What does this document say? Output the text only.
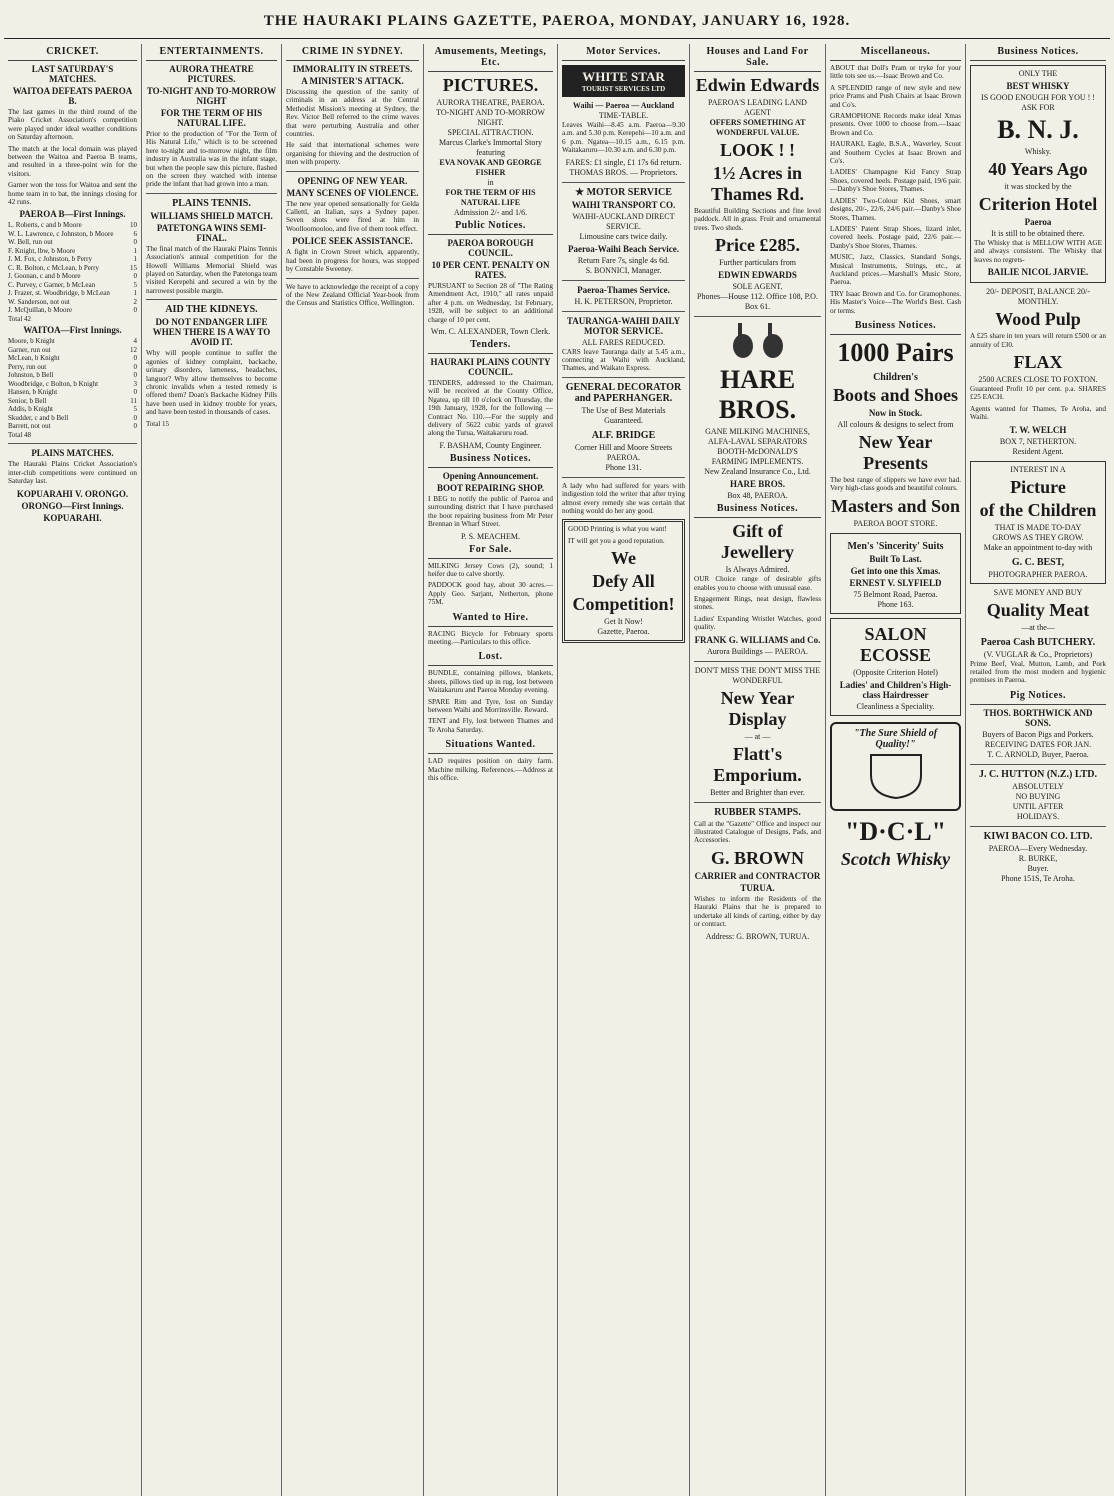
THE HAURAKI PLAINS GAZETTE, PAEROA, MONDAY, JANUARY 16, 1928.
CRICKET.
LAST SATURDAY'S MATCHES.
WAITOA DEFEATS PAEROA B.

The last games in the third round of the Piako Cricket Association's competition were played under ideal weather conditions on Saturday afternoon.

The match at the local domain was played between the Waitoa and Paeroa B teams, and resulted in a three-point win for the visitors.

Garner won the toss for Waitoa and sent the home team in to bat, the innings closing for 42 runs.

PAEROA B—First Innings.
L. Roberts, c and b Moore	10
W. L. Lawrence, c Johnston, b Moore	6
W. Bell, run out	0
F. Knight, lbw, b Moore	1
J. M. Fox, c Johnston, b Perry	1
C. R. Bolton, c McLean, b Perry	15
J. Goonan, c and b Moore	0
C. Purvey, c Garner, b McLean	5
J. Frazer, st. Woodbridge, b McLean	1
W. Sanderson, not out	2
J. McQuillan, b Moore	0
Total 42
WAITOA—First Innings.
Moore, b Knight	4
Garner, run out	12
McLean, b Knight	0
Perry, run out	0
Johnston, b Bell	0
Woodbridge, c Bolton, b Knight	3
Hansen, b Knight	0
Senior, b Bell	11
Addis, b Knight	5
Skudder, c and b Bell	0
Barrett, not out	0
Total 48
PLAINS MATCHES.

The Hauraki Plains Cricket Association's inter-club competitions were continued on Saturday last.

KOPUARAHI V. ORONGO.
ORONGO—First Innings.
KOPUARAHI.
ENTERTAINMENTS.
AURORA THEATRE PICTURES.
TO-NIGHT AND TO-MORROW NIGHT
FOR THE TERM OF HIS NATURAL LIFE.

Prior to the production of "For the Term of His Natural Life," which is to be screened here to-night and to-morrow night, the film industry in Australia was in the infant stage, but when the people saw this picture, flashed on the screen they watched with intense pride the infant that had grown into a man.

PLAINS TENNIS.
WILLIAMS SHIELD MATCH.
PATETONGA WINS SEMI-FINAL.

The final match of the Hauraki Plains Tennis Association's annual competition for the Howell Williams Memorial Shield was played on Saturday, when the Patetonga team visited Kerepehi and secured a win by the narrowest possible margin.

AID THE KIDNEYS.
DO NOT ENDANGER LIFE WHEN THERE IS A WAY TO AVOID IT.

Why will people continue to suffer the agonies of kidney complaint, backache, urinary disorders, lameness, headaches, languor? Why allow themselves to become chronic invalids when a tested remedy is offered them? Doan's Backache Kidney Pills have been used in kidney trouble for years, and have been tested in thousands of cases.

Total 15
CRIME IN SYDNEY.
IMMORALITY IN STREETS.
A MINISTER'S ATTACK.

Discussing the question of the sanity of criminals in an address at the Central Methodist Mission's meeting at Sydney, the Rev. Victor Bell referred to the crime waves that were perturbing Australia and other countries.

He said that international schemes were organising for thieving and the destruction of men with property.

OPENING OF NEW YEAR.
MANY SCENES OF VIOLENCE.

The new year opened sensationally for Gelda Callettl, an Italian, says a Sydney paper. Seven shots were fired at him in Woolloomooloo, and five of them took effect.

POLICE SEEK ASSISTANCE.

A fight in Crown Street which, apparently, had been in progress for hours, was stopped by Constable Sweeney.

We have to acknowledge the receipt of a copy of the New Zealand Official Year-book from the Census and Statistics Office, Wellington.

Amusements, Meetings, Etc.
PICTURES.
AURORA THEATRE, PAEROA.
TO-NIGHT AND TO-MORROW NIGHT.
SPECIAL ATTRACTION.
Marcus Clarke's Immortal Story featuring
EVA NOVAK AND GEORGE FISHER
in
FOR THE TERM OF HIS NATURAL LIFE
Admission 2/- and 1/6.
Public Notices.
PAEROA BOROUGH COUNCIL.
10 PER CENT. PENALTY ON RATES.

PURSUANT to Section 28 of "The Rating Amendment Act, 1910," all rates unpaid after 4 p.m. on Wednesday, 1st February, 1928, will be subject to an additional charge of 10 per cent.

Wm. C. ALEXANDER, Town Clerk.
Tenders.
HAURAKI PLAINS COUNTY COUNCIL.

TENDERS, addressed to the Chairman, will be received at the County Office, Ngatea, up till 10 o'clock on Thursday, the 19th January, 1928, for the following — Contract No. 110.—For the supply and delivery of 5622 cubic yards of gravel along the Turua, Waitakaruru road.

F. BASHAM, County Engineer.
Business Notices.
Opening Announcement.
BOOT REPAIRING SHOP.

I BEG to notify the public of Paeroa and surrounding district that I have purchased the boot repairing business from Mr Peter Brennan in Wharf Street.

P. S. MEACHEM.
For Sale.

MILKING Jersey Cows (2), sound; 1 heifer due to calve shortly.

PADDOCK good hay, about 30 acres.—Apply Geo. Sarjant, Netherton, phone 75M.

Wanted to Hire.

RACING Bicycle for February sports meeting.—Particulars to this office.

Lost.

BUNDLE, containing pillows, blankets, sheets, pillows tied up in rug, lost between Waitakaruru and Paeroa Monday evening.

SPARE Rim and Tyre, lost on Sunday between Waihi and Morrinsville. Reward.

TENT and Fly, lost between Thames and Te Aroha Saturday.

Situations Wanted.

LAD requires position on dairy farm. Machine milking. References.—Address at this office.

Motor Services.
WHITE STAR
TOURIST SERVICES LTD
Waihi — Paeroa — Auckland
TIME-TABLE.

Leaves Waihi—8.45 a.m. Paeroa—9.30 a.m. and 5.30 p.m. Kerepehi—10 a.m. and 6 p.m. Ngatea—10.15 a.m., 6.15 p.m. Waitakaruru—10.30 a.m. and 6.30 p.m.

FARES: £1 single, £1 17s 6d return.
THOMAS BROS. — Proprietors.
★ MOTOR SERVICE
WAIHI TRANSPORT CO.
WAIHI-AUCKLAND DIRECT SERVICE.
Limousine cars twice daily.
Paeroa-Waihi Beach Service.
Return Fare 7s, single 4s 6d.
S. BONNICI, Manager.
Paeroa-Thames Service.
H. K. PETERSON, Proprietor.
TAURANGA-WAIHI DAILY MOTOR SERVICE.
ALL FARES REDUCED.

CARS leave Tauranga daily at 5.45 a.m., connecting at Waihi with Auckland, Thames, and Waikato Express.

GENERAL DECORATOR and PAPERHANGER.
The Use of Best Materials Guaranteed.
ALF. BRIDGE
Corner Hill and Moore Streets PAEROA.
Phone 131.

A lady who had suffered for years with indigestion told the writer that after trying almost every remedy she was certain that nothing would do her any good.

GOOD Printing is what you want!

IT will get you a good reputation.

We
Defy All
Competition!
Get It Now!
Gazette, Paeroa.
Houses and Land For Sale.
Edwin Edwards
PAEROA'S LEADING LAND AGENT
OFFERS SOMETHING AT WONDERFUL VALUE.
LOOK ! !
1½ Acres in Thames Rd.

Beautiful Building Sections and fine level paddock. All in grass. Fruit and ornamental trees. Two sheds.

Price £285.
Further particulars from
EDWIN EDWARDS
SOLE AGENT.
Phones—House 112. Office 108, P.O. Box 61.
HARE BROS.
GANE MILKING MACHINES,
ALFA-LAVAL SEPARATORS
BOOTH-McDONALD'S
FARMING IMPLEMENTS.
New Zealand Insurance Co., Ltd.
HARE BROS.
Box 48, PAEROA.
Business Notices.
Gift of Jewellery
Is Always Admired.

OUR Choice range of desirable gifts enables you to choose with unusual ease.

Engagement Rings, neat design, flawless stones.

Ladies' Expanding Wristlet Watches, good quality.

FRANK G. WILLIAMS and Co.
Aurora Buildings — PAEROA.
DON'T MISS THE DON'T MISS THE WONDERFUL
New Year Display
— at —
Flatt's Emporium.
Better and Brighter than ever.
RUBBER STAMPS.

Call at the "Gazette" Office and inspect our illustrated Catalogue of Designs, Pads, and Accessories.

G. BROWN
CARRIER and CONTRACTOR
TURUA.

Wishes to inform the Residents of the Hauraki Plains that he is prepared to undertake all kinds of carting, either by day or contract.

Address: G. BROWN, TURUA.
Miscellaneous.

ABOUT that Doll's Pram or tryke for your little tots see us.—Isaac Brown and Co.

A SPLENDID range of new style and new price Prams and Push Chairs at Isaac Brown and Co's.

GRAMOPHONE Records make ideal Xmas presents. Over 1000 to choose from.—Isaac Brown and Co.

HAURAKI, Eagle, B.S.A., Waverley, Scout and Southern Cycles at Isaac Brown and Co's.

LADIES' Champagne Kid Fancy Strap Shoes, covered heels. Postage paid, 19/6 pair.—Danby's Shoe Stores, Thames.

LADIES' Two-Colour Kid Shoes, smart designs, 20/-, 22/6, 24/6 pair.—Danby's Shoe Stores, Thames.

LADIES' Patent Strap Shoes, lizard inlet, covered heels. Postage paid, 22/6 pair.—Danby's Shoe Stores, Thames.

MUSIC, Jazz, Classics, Standard Songs, Musical Instruments, Strings, etc., at Auckland prices.—Marshall's Music Store, Paeroa.

TRY Isaac Brown and Co. for Gramophones. His Master's Voice—The World's Best. Cash or terms.

Business Notices.
1000 Pairs
Children's
Boots and Shoes
Now in Stock.
All colours & designs to select from
New Year Presents

The best range of slippers we have ever had. Very high-class goods and beautiful colours.

Masters and Son
PAEROA BOOT STORE.
Men's 'Sincerity' Suits
Built To Last.
Get into one this Xmas.
ERNEST V. SLYFIELD
75 Belmont Road, Paeroa.
Phone 163.
SALON ECOSSE
(Opposite Criterion Hotel)
Ladies' and Children's High-class Hairdresser
Cleanliness a Speciality.
"The Sure Shield of Quality!"
"D·C·L"
Scotch Whisky
Business Notices.
ONLY THE
BEST WHISKY
IS GOOD ENOUGH FOR YOU ! !
ASK FOR
B. N. J.
Whisky.
40 Years Ago
it was stocked by the
Criterion Hotel
Paeroa
It is still to be obtained there.

The Whisky that is MELLOW WITH AGE and always consistent. The Whisky that leaves no regrets-

BAILIE NICOL JARVIE.
20/- DEPOSIT, BALANCE 20/- MONTHLY.
Wood Pulp

A £25 share in ten years will return £500 or an annuity of £30.

FLAX
2500 ACRES CLOSE TO FOXTON.

Guaranteed Profit 10 per cent. p.a. SHARES £25 EACH.

Agents wanted for Thames, Te Aroha, and Waihi.

T. W. WELCH
BOX 7, NETHERTON.
Resident Agent.
INTEREST IN A
Picture
of the Children
THAT IS MADE TO-DAY
GROWS AS THEY GROW.
Make an appointment to-day with
G. C. BEST,
PHOTOGRAPHER PAEROA.
SAVE MONEY AND BUY
Quality Meat
—at the—
Paeroa Cash BUTCHERY.
(V. VUGLAR & Co., Proprietors)

Prime Beef, Veal, Mutton, Lamb, and Pork retailed from the most modern and hygienic premises in Paeroa.

Pig Notices.
THOS. BORTHWICK AND SONS.
Buyers of Bacon Pigs and Porkers.
RECEIVING DATES FOR JAN.
T. C. ARNOLD, Buyer, Paeroa.
J. C. HUTTON (N.Z.) LTD.
ABSOLUTELY
NO BUYING
UNTIL AFTER
HOLIDAYS.
KIWI BACON CO. LTD.
PAEROA—Every Wednesday.
R. BURKE,
Buyer.
Phone 151S, Te Aroha.
